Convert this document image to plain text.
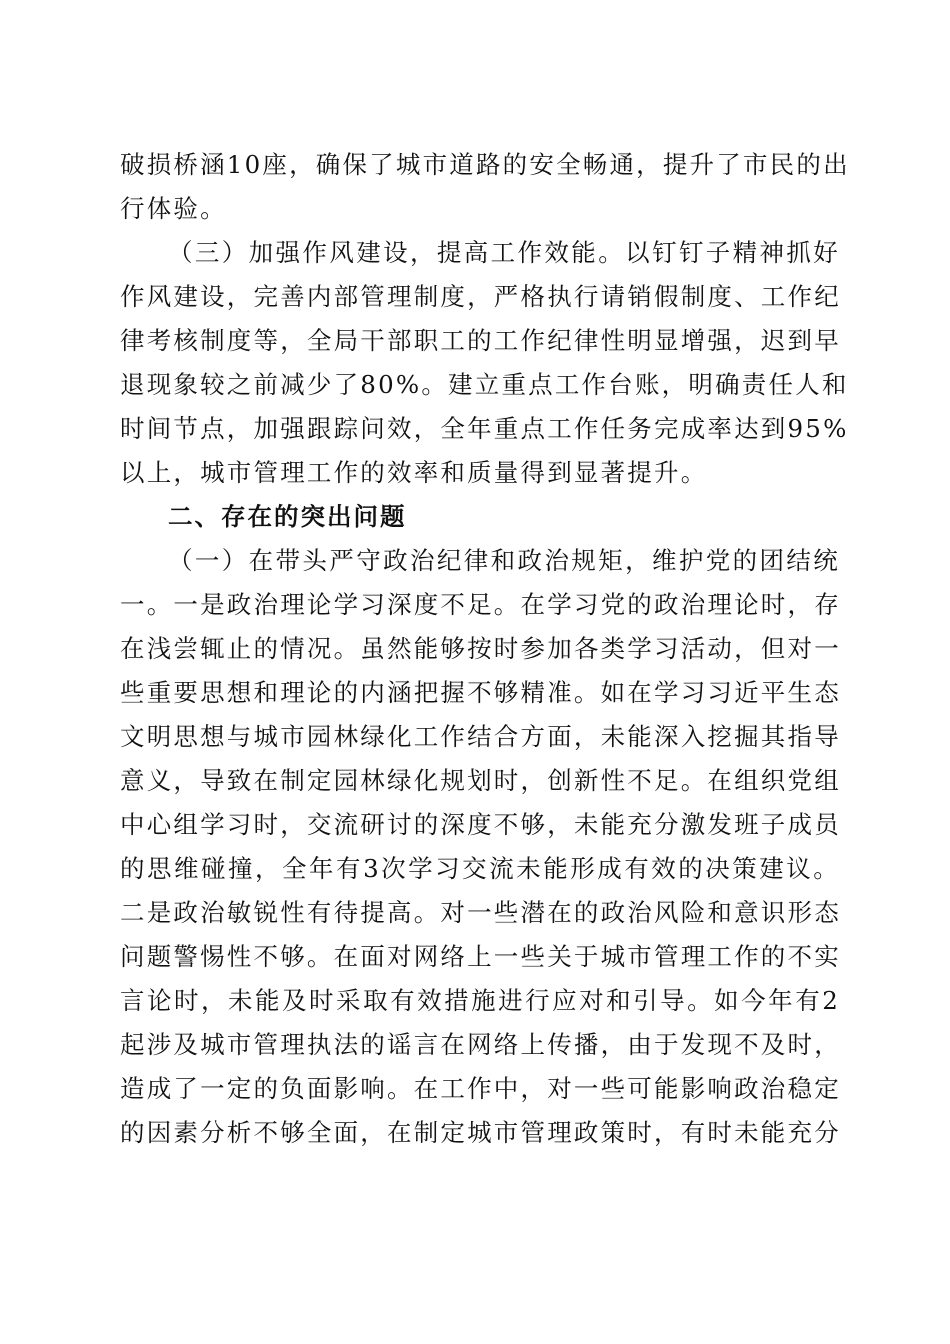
破损桥涵10座，确保了城市道路的安全畅通，提升了市民的出
行体验。
（三）加强作风建设，提高工作效能。以钉钉子精神抓好
作风建设，完善内部管理制度，严格执行请销假制度、工作纪
律考核制度等，全局干部职工的工作纪律性明显增强，迟到早
退现象较之前减少了80%。建立重点工作台账，明确责任人和
时间节点，加强跟踪问效，全年重点工作任务完成率达到95%
以上，城市管理工作的效率和质量得到显著提升。
二、存在的突出问题
（一）在带头严守政治纪律和政治规矩，维护党的团结统
一。一是政治理论学习深度不足。在学习党的政治理论时，存
在浅尝辄止的情况。虽然能够按时参加各类学习活动，但对一
些重要思想和理论的内涵把握不够精准。如在学习习近平生态
文明思想与城市园林绿化工作结合方面，未能深入挖掘其指导
意义，导致在制定园林绿化规划时，创新性不足。在组织党组
中心组学习时，交流研讨的深度不够，未能充分激发班子成员
的思维碰撞，全年有3次学习交流未能形成有效的决策建议。
二是政治敏锐性有待提高。对一些潜在的政治风险和意识形态
问题警惕性不够。在面对网络上一些关于城市管理工作的不实
言论时，未能及时采取有效措施进行应对和引导。如今年有2
起涉及城市管理执法的谣言在网络上传播，由于发现不及时，
造成了一定的负面影响。在工作中，对一些可能影响政治稳定
的因素分析不够全面，在制定城市管理政策时，有时未能充分
